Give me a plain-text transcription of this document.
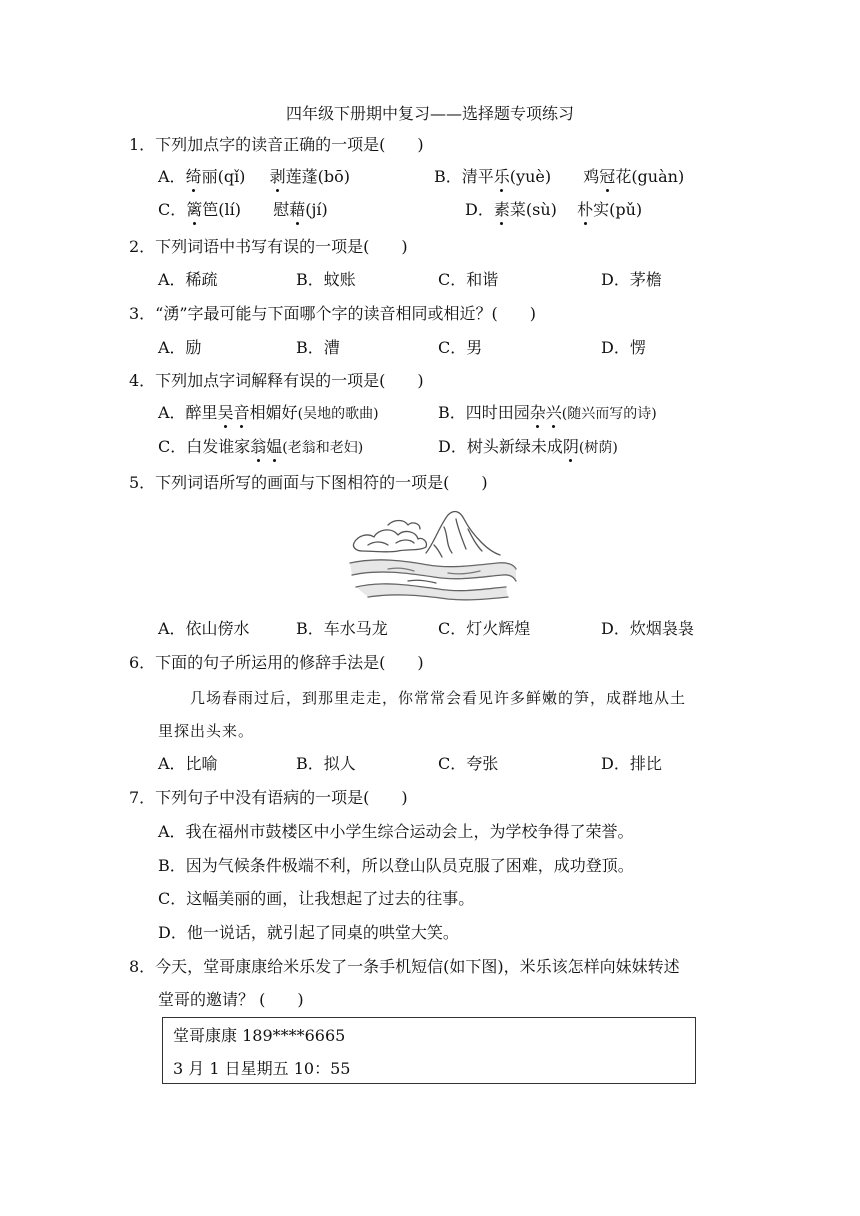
四年级下册期中复习——选择题专项练习
1．下列加点字的读音正确的一项是(　　)
A．绮丽(qǐ) 剥莲蓬(bō)	B．清平乐(yuè) 鸡冠花(guàn)
C．篱笆(lí) 慰藉(jí)	D．素菜(sù) 朴实(pǔ)
2．下列词语中书写有误的一项是(　　)
A．稀疏	B．蚊账	C．和谐	D．茅檐
3．“湧”字最可能与下面哪个字的读音相同或相近？(　　)
A．励	B．漕	C．男	D．愣
4．下列加点字词解释有误的一项是(　　)
A．醉里吴音相媚好(吴地的歌曲)	B．四时田园杂兴(随兴而写的诗)
C．白发谁家翁媪(老翁和老妇)	D．树头新绿未成阴(树荫)
5．下列词语所写的画面与下图相符的一项是(　　)
A．依山傍水	B．车水马龙	C．灯火辉煌	D．炊烟袅袅
6．下面的句子所运用的修辞手法是(　　)
几场春雨过后，到那里走走，你常常会看见许多鲜嫩的笋，成群地从土
里探出头来。
A．比喻	B．拟人	C．夸张	D．排比
7．下列句子中没有语病的一项是(　　)
A．我在福州市鼓楼区中小学生综合运动会上，为学校争得了荣誉。
B．因为气候条件极端不利，所以登山队员克服了困难，成功登顶。
C．这幅美丽的画，让我想起了过去的往事。
D．他一说话，就引起了同桌的哄堂大笑。
8．今天，堂哥康康给米乐发了一条手机短信(如下图)，米乐该怎样向妹妹转述
堂哥的邀请？ (　　)
堂哥康康 189****6665
3 月 1 日星期五 10：55
